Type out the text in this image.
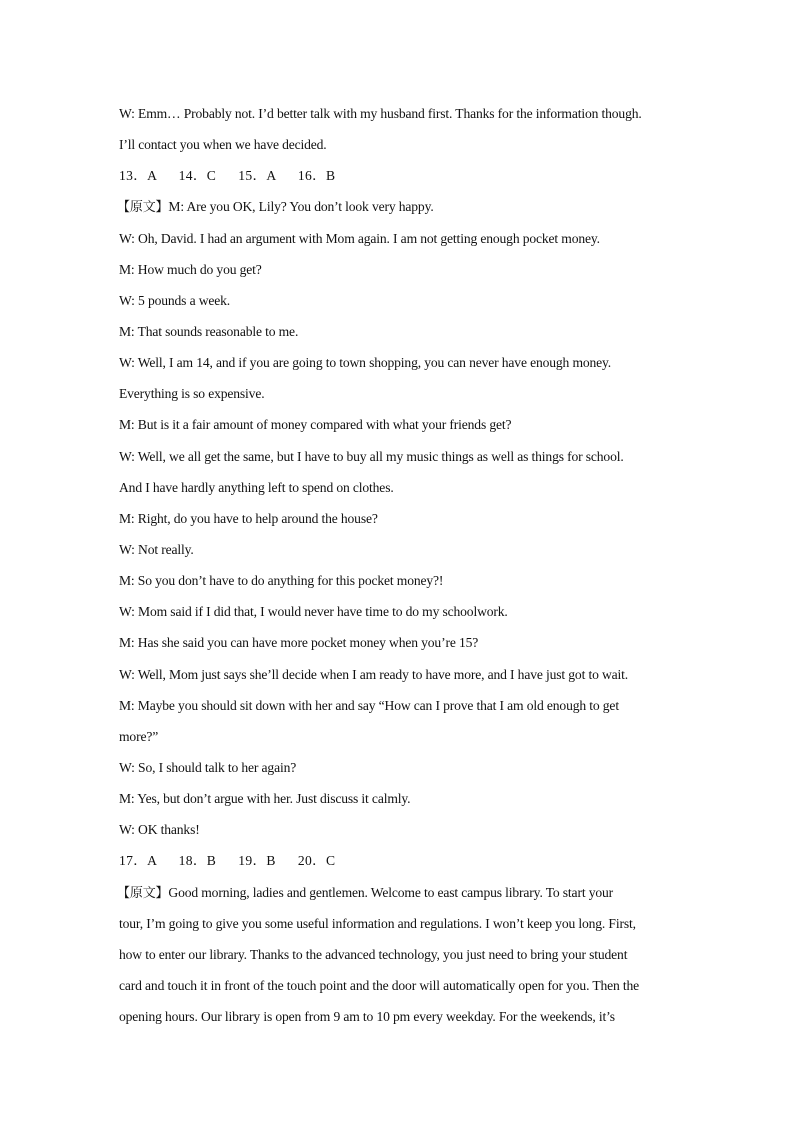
W: Emm… Probably not. I’d better talk with my husband first. Thanks for the information though.
I’ll contact you when we have decided.
13．A      14．C      15．A      16．B
【原文】M: Are you OK, Lily? You don’t look very happy.
W: Oh, David. I had an argument with Mom again. I am not getting enough pocket money.
M: How much do you get?
W: 5 pounds a week.
M: That sounds reasonable to me.
W: Well, I am 14, and if you are going to town shopping, you can never have enough money.
Everything is so expensive.
M: But is it a fair amount of money compared with what your friends get?
W: Well, we all get the same, but I have to buy all my music things as well as things for school.
And I have hardly anything left to spend on clothes.
M: Right, do you have to help around the house?
W: Not really.
M: So you don’t have to do anything for this pocket money?!
W: Mom said if I did that, I would never have time to do my schoolwork.
M: Has she said you can have more pocket money when you’re 15?
W: Well, Mom just says she’ll decide when I am ready to have more, and I have just got to wait.
M: Maybe you should sit down with her and say “How can I prove that I am old enough to get
more?”
W: So, I should talk to her again?
M: Yes, but don’t argue with her. Just discuss it calmly.
W: OK thanks!
17．A      18．B      19．B      20．C
【原文】Good morning, ladies and gentlemen. Welcome to east campus library. To start your
tour, I’m going to give you some useful information and regulations. I won’t keep you long. First,
how to enter our library. Thanks to the advanced technology, you just need to bring your student
card and touch it in front of the touch point and the door will automatically open for you. Then the
opening hours. Our library is open from 9 am to 10 pm every weekday. For the weekends, it’s
